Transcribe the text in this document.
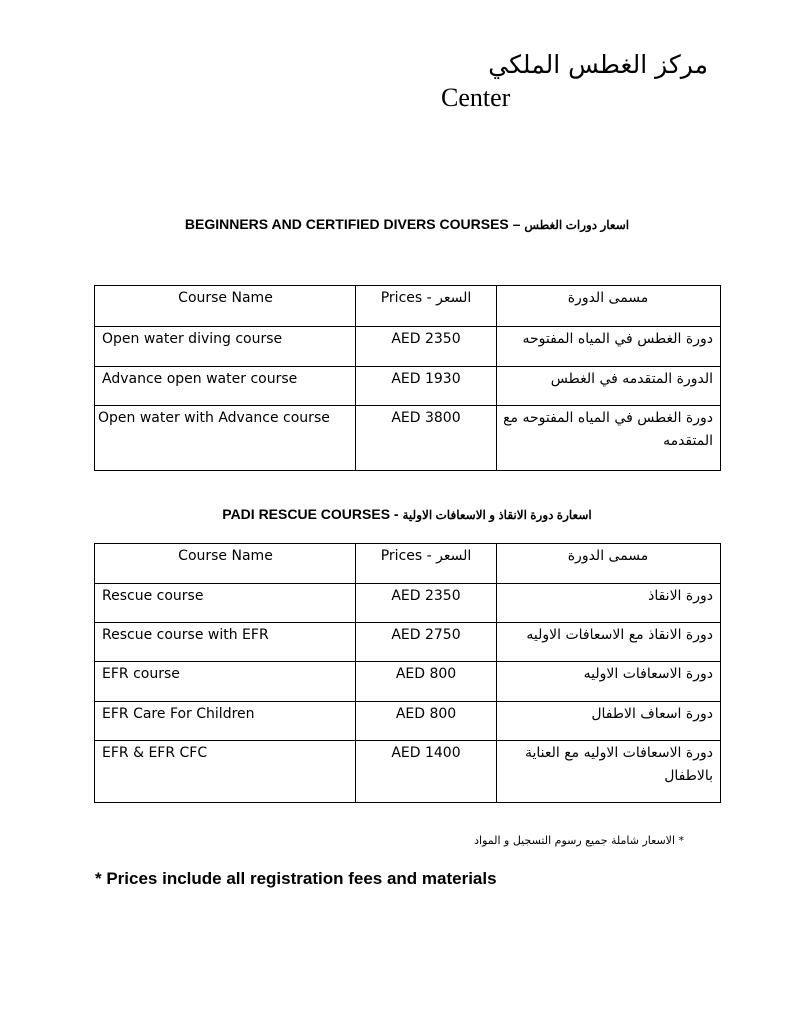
مركز الغطس الملكي
Center
BEGINNERS AND CERTIFIED DIVERS COURSES – اسعار دورات الغطس
Course Name	Prices - السعر	مسمى الدورة
Open water diving course	AED 2350	دورة الغطس في المياه المفتوحه
Advance open water course	AED 1930	الدورة المتقدمه في الغطس
Open water with Advance course	AED 3800	دورة الغطس في المياه المفتوحه مع المتقدمه
PADI RESCUE COURSES - اسعارة دورة الانقاذ و الاسعافات الاولية
Course Name	Prices - السعر	مسمى الدورة
Rescue course	AED 2350	دورة الانقاذ
Rescue course with EFR	AED 2750	دورة الانقاذ مع الاسعافات الاوليه
EFR course	AED 800	دورة الاسعافات الاوليه
EFR Care For Children	AED 800	دورة اسعاف الاطفال
EFR & EFR CFC	AED 1400	دورة الاسعافات الاوليه مع العناية بالاطفال
* الاسعار شاملة جميع رسوم التسجيل و المواد
* Prices include all registration fees and materials
